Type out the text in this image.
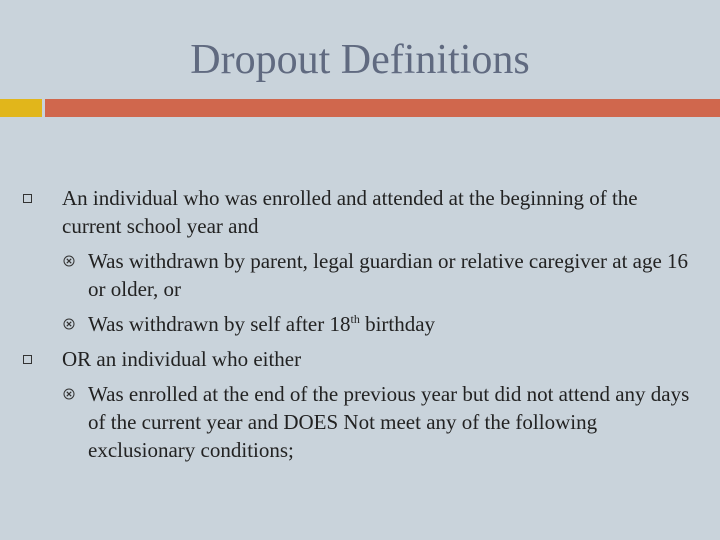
Dropout Definitions
An individual who was enrolled and attended at the beginning of the current school year and
Was withdrawn by parent, legal guardian or relative caregiver at age 16 or older, or
Was withdrawn by self after 18th birthday
OR an individual who either
Was enrolled at the end of the previous year but did not attend any days of the current year and DOES Not meet any of the following exclusionary conditions;
